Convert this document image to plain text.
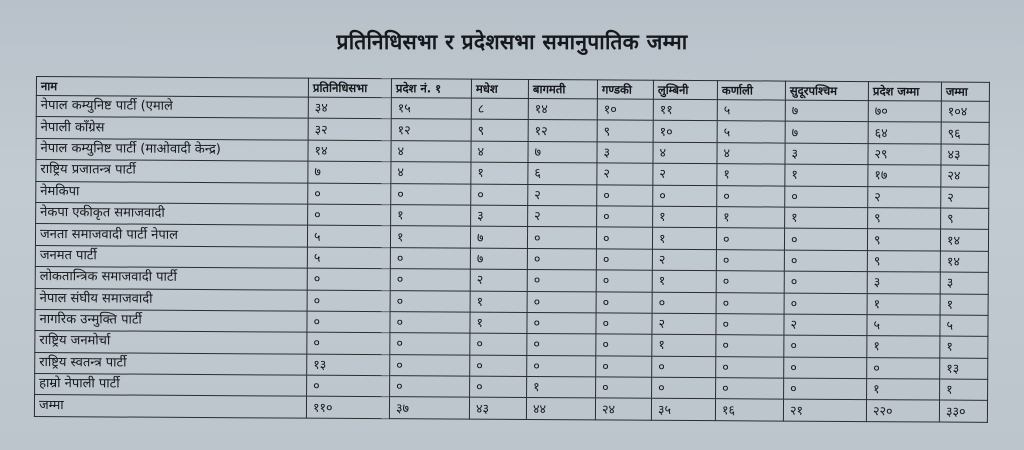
प्रतिनिधिसभा र प्रदेशसभा समानुपातिक जम्मा
नाम	प्रतिनिधिसभा	प्रदेश नं. १	मधेश	बागमती	गण्डकी	लुम्बिनी	कर्णाली	सुदूरपश्चिम	प्रदेश जम्मा	जम्मा
नेपाल कम्युनिष्ट पार्टी (एमाले	३४	१५	८	१४	१०	११	५	७	७०	१०४
नेपाली काँग्रेस	३२	१२	९	१२	९	१०	५	७	६४	९६
नेपाल कम्युनिष्ट पार्टी (माओवादी केन्द्र)	१४	४	४	७	३	४	४	३	२९	४३
राष्ट्रिय प्रजातन्त्र पार्टी	७	४	१	६	२	२	१	१	१७	२४
नेमकिपा	०	०	०	२	०	०	०	०	२	२
नेकपा एकीकृत समाजवादी	०	१	३	२	०	१	१	१	९	९
जनता समाजवादी पार्टी नेपाल	५	१	७	०	०	१	०	०	९	१४
जनमत पार्टी	५	०	७	०	०	२	०	०	९	१४
लोकतान्त्रिक समाजवादी पार्टी	०	०	२	०	०	१	०	०	३	३
नेपाल संघीय समाजवादी	०	०	१	०	०	०	०	०	१	१
नागरिक उन्मुक्ति पार्टी	०	०	१	०	०	२	०	२	५	५
राष्ट्रिय जनमोर्चा	०	०	०	०	०	१	०	०	१	१
राष्ट्रिय स्वतन्त्र पार्टी	१३	०	०	०	०	०	०	०	०	१३
हाम्रो नेपाली पार्टी	०	०	०	१	०	०	०	०	१	१
जम्मा	११०	३७	४३	४४	२४	३५	१६	२१	२२०	३३०
